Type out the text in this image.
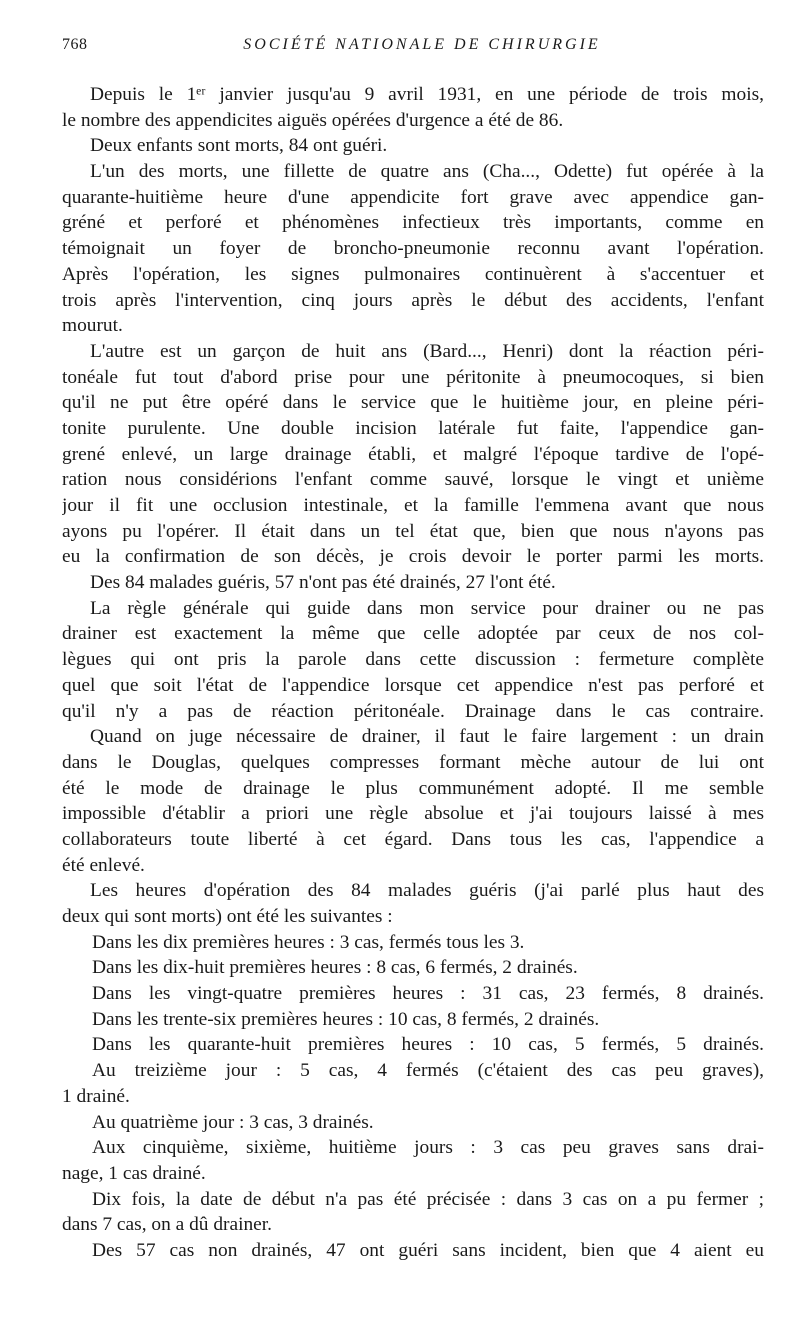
768	SOCIÉTÉ NATIONALE DE CHIRURGIE
Depuis le 1ᵉʳ janvier jusqu'au 9 avril 1931, en une période de trois mois,
le nombre des appendicites aiguës opérées d'urgence a été de 86.
Deux enfants sont morts, 84 ont guéri.
L'un des morts, une fillette de quatre ans (Cha..., Odette) fut opérée à la
quarante-huitième heure d'une appendicite fort grave avec appendice gan-
gréné et perforé et phénomènes infectieux très importants, comme en
témoignait un foyer de broncho-pneumonie reconnu avant l'opération.
Après l'opération, les signes pulmonaires continuèrent à s'accentuer et
trois après l'intervention, cinq jours après le début des accidents, l'enfant
mourut.
L'autre est un garçon de huit ans (Bard..., Henri) dont la réaction péri-
tonéale fut tout d'abord prise pour une péritonite à pneumocoques, si bien
qu'il ne put être opéré dans le service que le huitième jour, en pleine péri-
tonite purulente. Une double incision latérale fut faite, l'appendice gan-
grené enlevé, un large drainage établi, et malgré l'époque tardive de l'opé-
ration nous considérions l'enfant comme sauvé, lorsque le vingt et unième
jour il fit une occlusion intestinale, et la famille l'emmena avant que nous
ayons pu l'opérer. Il était dans un tel état que, bien que nous n'ayons pas
eu la confirmation de son décès, je crois devoir le porter parmi les morts.
Des 84 malades guéris, 57 n'ont pas été drainés, 27 l'ont été.
La règle générale qui guide dans mon service pour drainer ou ne pas
drainer est exactement la même que celle adoptée par ceux de nos col-
lègues qui ont pris la parole dans cette discussion : fermeture complète
quel que soit l'état de l'appendice lorsque cet appendice n'est pas perforé et
qu'il n'y a pas de réaction péritonéale. Drainage dans le cas contraire.
Quand on juge nécessaire de drainer, il faut le faire largement : un drain
dans le Douglas, quelques compresses formant mèche autour de lui ont
été le mode de drainage le plus communément adopté. Il me semble
impossible d'établir a priori une règle absolue et j'ai toujours laissé à mes
collaborateurs toute liberté à cet égard. Dans tous les cas, l'appendice a
été enlevé.
Les heures d'opération des 84 malades guéris (j'ai parlé plus haut des
deux qui sont morts) ont été les suivantes :
Dans les dix premières heures : 3 cas, fermés tous les 3.
Dans les dix-huit premières heures : 8 cas, 6 fermés, 2 drainés.
Dans les vingt-quatre premières heures : 31 cas, 23 fermés, 8 drainés.
Dans les trente-six premières heures : 10 cas, 8 fermés, 2 drainés.
Dans les quarante-huit premières heures : 10 cas, 5 fermés, 5 drainés.
Au treizième jour : 5 cas, 4 fermés (c'étaient des cas peu graves),
1 drainé.
Au quatrième jour : 3 cas, 3 drainés.
Aux cinquième, sixième, huitième jours : 3 cas peu graves sans drai-
nage, 1 cas drainé.
Dix fois, la date de début n'a pas été précisée : dans 3 cas on a pu fermer ;
dans 7 cas, on a dû drainer.
Des 57 cas non drainés, 47 ont guéri sans incident, bien que 4 aient eu
